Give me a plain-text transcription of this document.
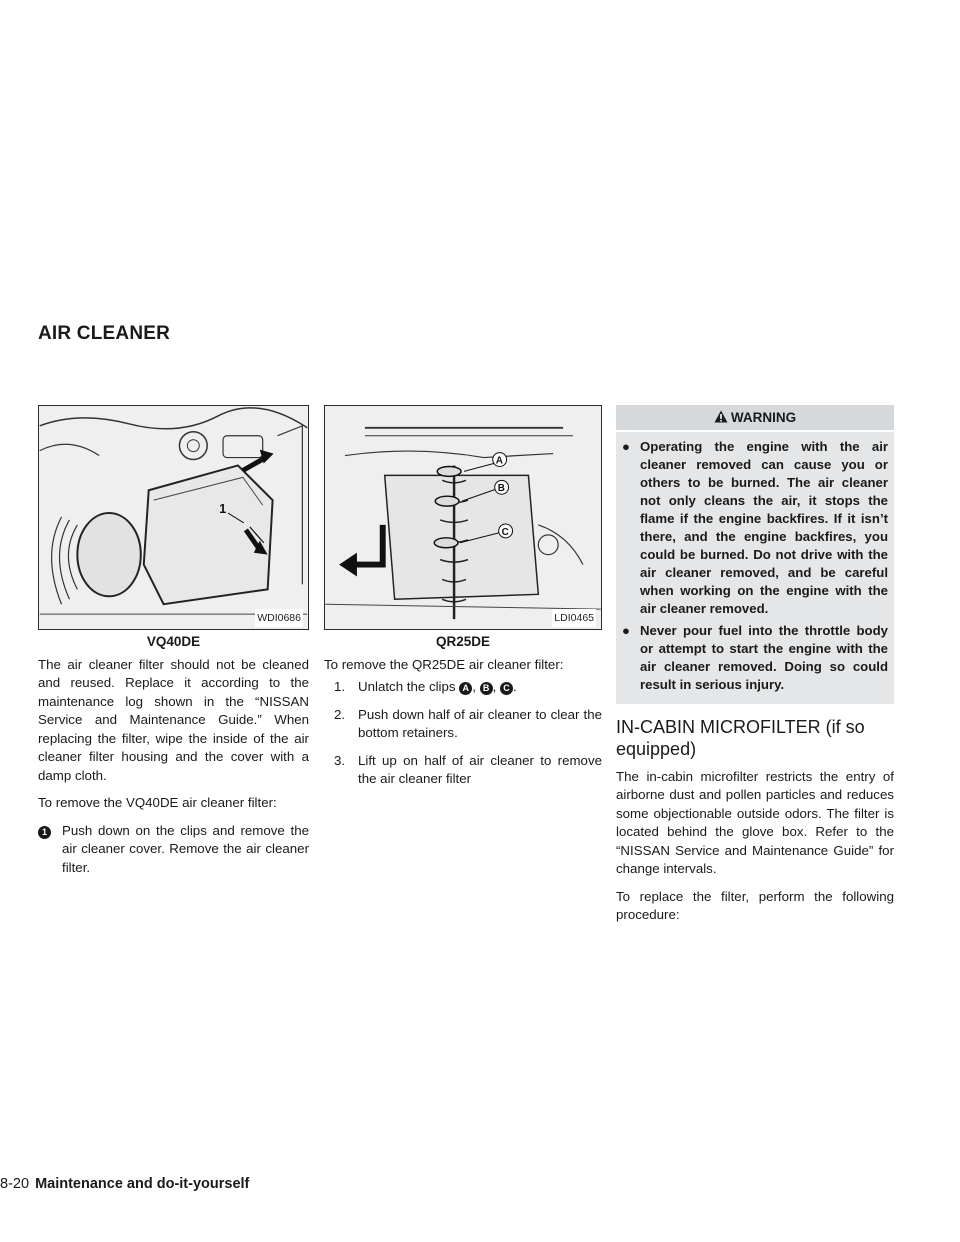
AIR CLEANER
1
WDI0686
VQ40DE

The air cleaner filter should not be cleaned and reused. Replace it according to the maintenance log shown in the “NISSAN Service and Maintenance Guide.” When replacing the filter, wipe the inside of the air cleaner filter housing and the cover with a damp cloth.

To remove the VQ40DE air cleaner filter:

1	Push down on the clips and remove the air cleaner cover. Remove the air cleaner filter.
A
B
C
LDI0465
QR25DE

To remove the QR25DE air cleaner filter:

1. Unlatch the clips A , B , C .
2. Push down half of air cleaner to clear the bottom retainers.
3. Lift up on half of air cleaner to remove the air cleaner filter
WARNING
● Operating the engine with the air cleaner removed can cause you or others to be burned. The air cleaner not only cleans the air, it stops the flame if the engine backfires. If it isn’t there, and the engine backfires, you could be burned. Do not drive with the air cleaner removed, and be careful when working on the engine with the air cleaner removed.
● Never pour fuel into the throttle body or attempt to start the engine with the air cleaner removed. Doing so could result in serious injury.
IN-CABIN MICROFILTER (if so equipped)

The in-cabin microfilter restricts the entry of airborne dust and pollen particles and reduces some objectionable outside odors. The filter is located behind the glove box. Refer to the “NISSAN Service and Maintenance Guide” for change intervals.

To replace the filter, perform the following procedure:

8-20 Maintenance and do-it-yourself
